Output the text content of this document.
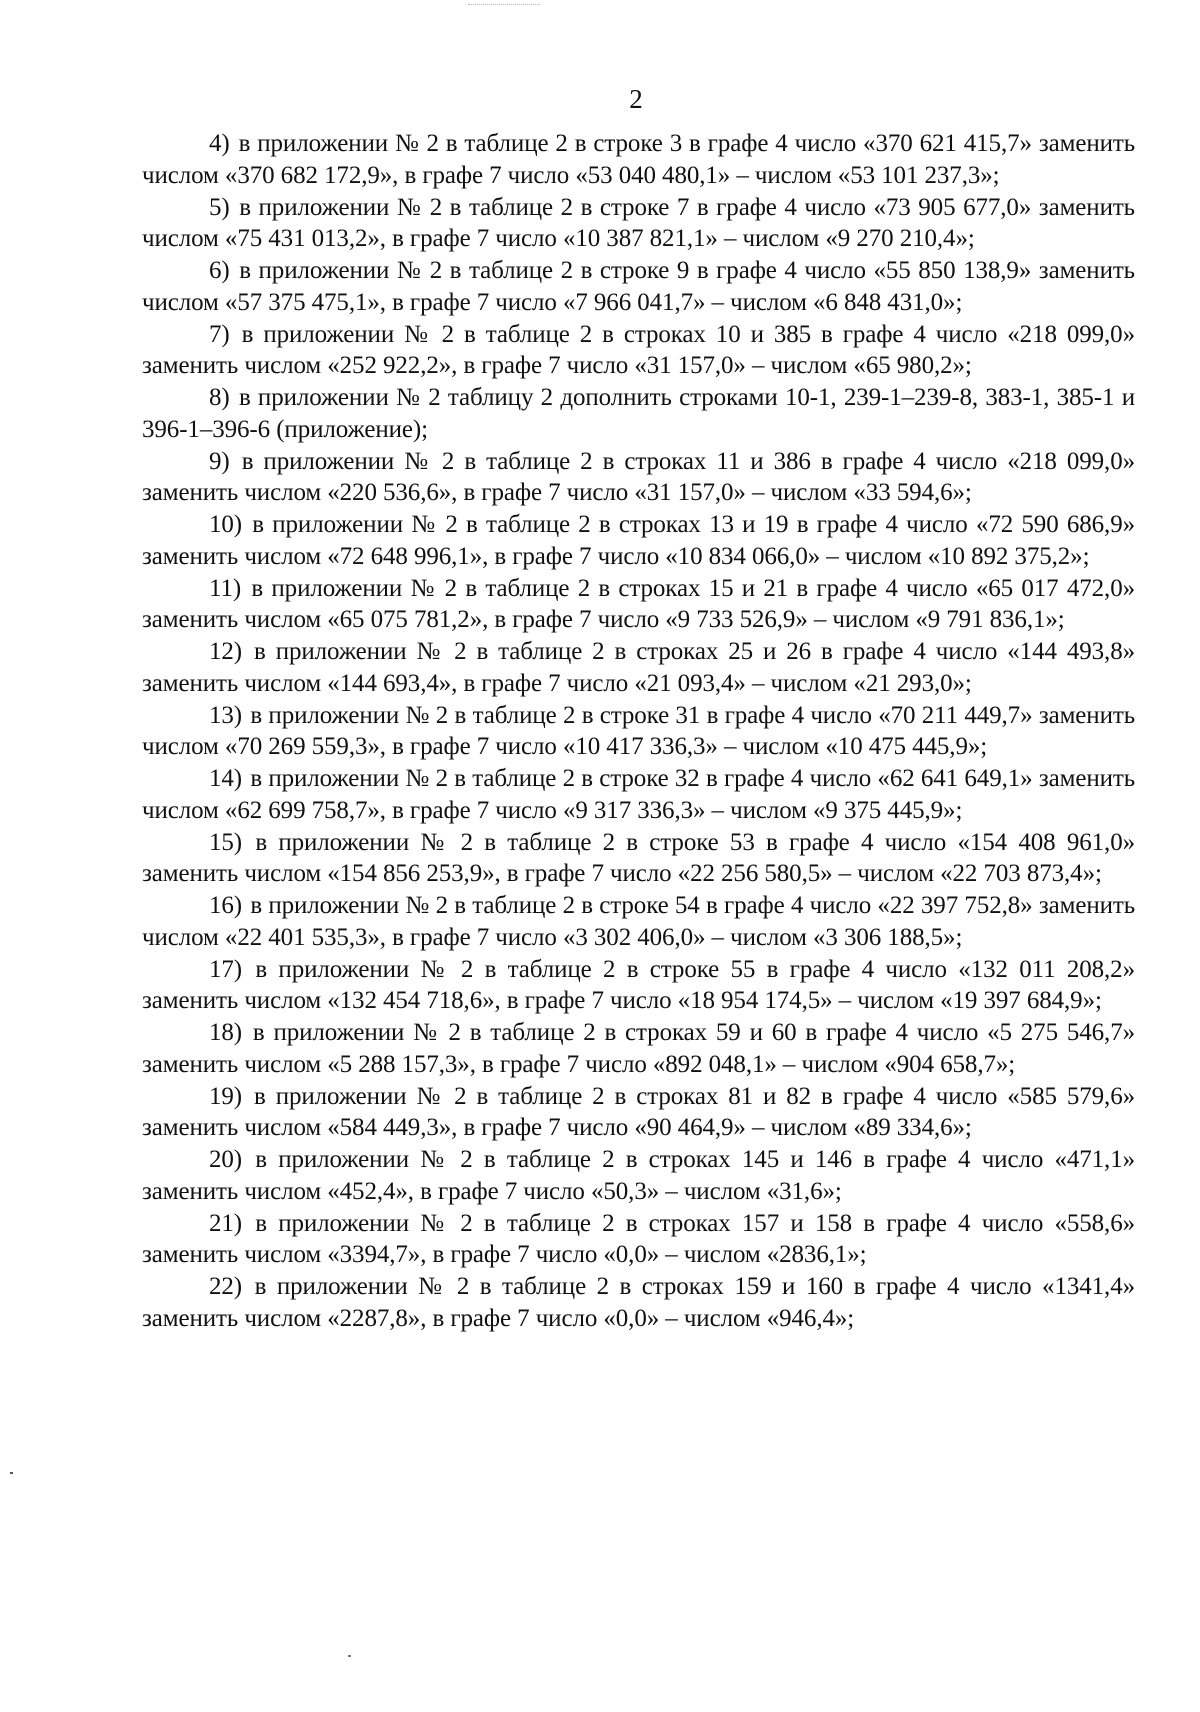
2

4) в приложении № 2 в таблице 2 в строке 3 в графе 4 число «370 621 415,7» заменить числом «370 682 172,9», в графе 7 число «53 040 480,1» – числом «53 101 237,3»;

5) в приложении № 2 в таблице 2 в строке 7 в графе 4 число «73 905 677,0» заменить числом «75 431 013,2», в графе 7 число «10 387 821,1» – числом «9 270 210,4»;

6) в приложении № 2 в таблице 2 в строке 9 в графе 4 число «55 850 138,9» заменить числом «57 375 475,1», в графе 7 число «7 966 041,7» – числом «6 848 431,0»;

7) в приложении № 2 в таблице 2 в строках 10 и 385 в графе 4 число «218 099,0» заменить числом «252 922,2», в графе 7 число «31 157,0» – числом «65 980,2»;

8) в приложении № 2 таблицу 2 дополнить строками 10-1, 239-1–239-8, 383-1, 385-1 и 396-1–396-6 (приложение);

9) в приложении № 2 в таблице 2 в строках 11 и 386 в графе 4 число «218 099,0» заменить числом «220 536,6», в графе 7 число «31 157,0» – числом «33 594,6»;

10) в приложении № 2 в таблице 2 в строках 13 и 19 в графе 4 число «72 590 686,9» заменить числом «72 648 996,1», в графе 7 число «10 834 066,0» – числом «10 892 375,2»;

11) в приложении № 2 в таблице 2 в строках 15 и 21 в графе 4 число «65 017 472,0» заменить числом «65 075 781,2», в графе 7 число «9 733 526,9» – числом «9 791 836,1»;

12) в приложении № 2 в таблице 2 в строках 25 и 26 в графе 4 число «144 493,8» заменить числом «144 693,4», в графе 7 число «21 093,4» – числом «21 293,0»;

13) в приложении № 2 в таблице 2 в строке 31 в графе 4 число «70 211 449,7» заменить числом «70 269 559,3», в графе 7 число «10 417 336,3» – числом «10 475 445,9»;

14) в приложении № 2 в таблице 2 в строке 32 в графе 4 число «62 641 649,1» заменить числом «62 699 758,7», в графе 7 число «9 317 336,3» – числом «9 375 445,9»;

15) в приложении № 2 в таблице 2 в строке 53 в графе 4 число «154 408 961,0» заменить числом «154 856 253,9», в графе 7 число «22 256 580,5» – числом «22 703 873,4»;

16) в приложении № 2 в таблице 2 в строке 54 в графе 4 число «22 397 752,8» заменить числом «22 401 535,3», в графе 7 число «3 302 406,0» – числом «3 306 188,5»;

17) в приложении № 2 в таблице 2 в строке 55 в графе 4 число «132 011 208,2» заменить числом «132 454 718,6», в графе 7 число «18 954 174,5» – числом «19 397 684,9»;

18) в приложении № 2 в таблице 2 в строках 59 и 60 в графе 4 число «5 275 546,7» заменить числом «5 288 157,3», в графе 7 число «892 048,1» – числом «904 658,7»;

19) в приложении № 2 в таблице 2 в строках 81 и 82 в графе 4 число «585 579,6» заменить числом «584 449,3», в графе 7 число «90 464,9» – числом «89 334,6»;

20) в приложении № 2 в таблице 2 в строках 145 и 146 в графе 4 число «471,1» заменить числом «452,4», в графе 7 число «50,3» – числом «31,6»;

21) в приложении № 2 в таблице 2 в строках 157 и 158 в графе 4 число «558,6» заменить числом «3394,7», в графе 7 число «0,0» – числом «2836,1»;

22) в приложении № 2 в таблице 2 в строках 159 и 160 в графе 4 число «1341,4» заменить числом «2287,8», в графе 7 число «0,0» – числом «946,4»;
